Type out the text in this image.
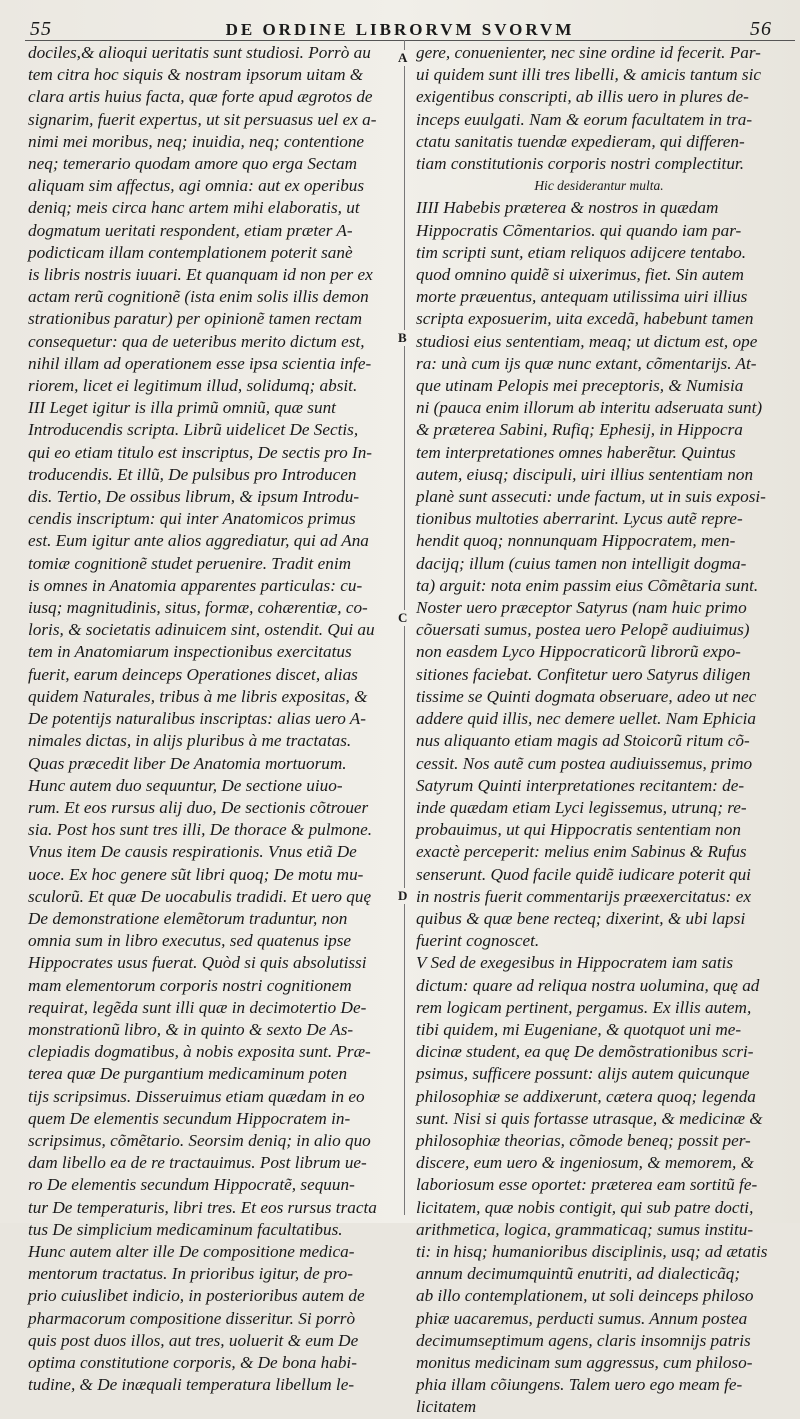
55	DE ORDINE LIBRORVM SVORVM	56
dociles,& alioqui ueritatis sunt studiosi. Porrò au
tem citra hoc siquis & nostram ipsorum uitam &
clara artis huius facta, quæ forte apud ægrotos de
signarim, fuerit expertus, ut sit persuasus uel ex a-
nimi mei moribus, neq; inuidia, neq; contentione
neq; temerario quodam amore quo erga Sectam
aliquam sim affectus, agi omnia: aut ex operibus
deniq; meis circa hanc artem mihi elaboratis, ut
dogmatum ueritati respondent, etiam præter A-
podicticam illam contemplationem poterit sanè
is libris nostris iuuari. Et quanquam id non per ex
actam rerũ cognitionẽ (ista enim solis illis demon
strationibus paratur) per opinionẽ tamen rectam
consequetur: qua de ueteribus merito dictum est,
nihil illam ad operationem esse ipsa scientia infe-
riorem, licet ei legitimum illud, solidumq; absit.
III Leget igitur is illa primũ omniũ, quæ sunt
Introducendis scripta. Librũ uidelicet De Sectis,
qui eo etiam titulo est inscriptus, De sectis pro In-
troducendis. Et illũ, De pulsibus pro Introducen
dis. Tertio, De ossibus librum, & ipsum Introdu-
cendis inscriptum: qui inter Anatomicos primus
est. Eum igitur ante alios aggrediatur, qui ad Ana
tomiæ cognitionẽ studet peruenire. Tradit enim
is omnes in Anatomia apparentes particulas: cu-
iusq; magnitudinis, situs, formæ, cohærentiæ, co-
loris, & societatis adinuicem sint, ostendit. Qui au
tem in Anatomiarum inspectionibus exercitatus
fuerit, earum deinceps Operationes discet, alias
quidem Naturales, tribus à me libris expositas, &
De potentijs naturalibus inscriptas: alias uero A-
nimales dictas, in alijs pluribus à me tractatas.
Quas præcedit liber De Anatomia mortuorum.
Hunc autem duo sequuntur, De sectione uiuo-
rum. Et eos rursus alij duo, De sectionis cõtrouer
sia. Post hos sunt tres illi, De thorace & pulmone.
Vnus item De causis respirationis. Vnus etiã De
uoce. Ex hoc genere sũt libri quoq; De motu mu-
sculorũ. Et quæ De uocabulis tradidi. Et uero quę
De demonstratione elemẽtorum traduntur, non
omnia sum in libro executus, sed quatenus ipse
Hippocrates usus fuerat. Quòd si quis absolutissi
mam elementorum corporis nostri cognitionem
requirat, legẽda sunt illi quæ in decimotertio De-
monstrationũ libro, & in quinto & sexto De As-
clepiadis dogmatibus, à nobis exposita sunt. Præ-
terea quæ De purgantium medicaminum poten
tijs scripsimus. Disseruimus etiam quædam in eo
quem De elementis secundum Hippocratem in-
scripsimus, cõmẽtario. Seorsim deniq; in alio quo
dam libello ea de re tractauimus. Post librum ue-
ro De elementis secundum Hippocratẽ, sequun-
tur De temperaturis, libri tres. Et eos rursus tracta
tus De simplicium medicaminum facultatibus.
Hunc autem alter ille De compositione medica-
mentorum tractatus. In prioribus igitur, de pro-
prio cuiuslibet indicio, in posterioribus autem de
pharmacorum compositione disseritur. Si porrò
quis post duos illos, aut tres, uoluerit & eum De
optima constitutione corporis, & De bona habi-
tudine, & De inæquali temperatura libellum le-
gere, conuenienter, nec sine ordine id fecerit. Par-
ui quidem sunt illi tres libelli, & amicis tantum sic
exigentibus conscripti, ab illis uero in plures de-
inceps euulgati. Nam & eorum facultatem in tra-
ctatu sanitatis tuendæ expedieram, qui differen-
tiam constitutionis corporis nostri complectitur.
Hic desiderantur multa.
IIII Habebis præterea & nostros in quædam
Hippocratis Cõmentarios. qui quando iam par-
tim scripti sunt, etiam reliquos adijcere tentabo.
quod omnino quidẽ si uixerimus, fiet. Sin autem
morte præuentus, antequam utilissima uiri illius
scripta exposuerim, uita excedã, habebunt tamen
studiosi eius sententiam, meaq; ut dictum est, ope
ra: unà cum ijs quæ nunc extant, cõmentarijs. At-
que utinam Pelopis mei preceptoris, & Numisia
ni (pauca enim illorum ab interitu adseruata sunt)
& præterea Sabini, Rufiq; Ephesij, in Hippocra
tem interpretationes omnes haberẽtur. Quintus
autem, eiusq; discipuli, uiri illius sententiam non
planè sunt assecuti: unde factum, ut in suis exposi-
tionibus multoties aberrarint. Lycus autẽ repre-
hendit quoq; nonnunquam Hippocratem, men-
dacijq; illum (cuius tamen non intelligit dogma-
ta) arguit: nota enim passim eius Cõmẽtaria sunt.
Noster uero præceptor Satyrus (nam huic primo
cõuersati sumus, postea uero Pelopẽ audiuimus)
non easdem Lyco Hippocraticorũ librorũ expo-
sitiones faciebat. Confitetur uero Satyrus diligen
tissime se Quinti dogmata obseruare, adeo ut nec
addere quid illis, nec demere uellet. Nam Ephicia
nus aliquanto etiam magis ad Stoicorũ ritum cõ-
cessit. Nos autẽ cum postea audiuissemus, primo
Satyrum Quinti interpretationes recitantem: de-
inde quædam etiam Lyci legissemus, utrunq; re-
probauimus, ut qui Hippocratis sententiam non
exactè perceperit: melius enim Sabinus & Rufus
senserunt. Quod facile quidẽ iudicare poterit qui
in nostris fuerit commentarijs præexercitatus: ex
quibus & quæ bene recteq; dixerint, & ubi lapsi
fuerint cognoscet.
V Sed de exegesibus in Hippocratem iam satis
dictum: quare ad reliqua nostra uolumina, quę ad
rem logicam pertinent, pergamus. Ex illis autem,
tibi quidem, mi Eugeniane, & quotquot uni me-
dicinæ student, ea quę De demõstrationibus scri-
psimus, sufficere possunt: alijs autem quicunque
philosophiæ se addixerunt, cætera quoq; legenda
sunt. Nisi si quis fortasse utrasque, & medicinæ &
philosophiæ theorias, cõmode beneq; possit per-
discere, eum uero & ingeniosum, & memorem, &
laboriosum esse oportet: præterea eam sortitũ fe-
licitatem, quæ nobis contigit, qui sub patre docti,
arithmetica, logica, grammaticaq; sumus institu-
ti: in hisq; humanioribus disciplinis, usq; ad ætatis
annum decimumquintũ enutriti, ad dialecticãq;
ab illo contemplationem, ut soli deinceps philoso
phiæ uacaremus, perducti sumus. Annum postea
decimumseptimum agens, claris insomnijs patris
monitus medicinam sum aggressus, cum philoso-
phia illam cõiungens. Talem uero ego meam fe-
licitatem
A
B
C
D
